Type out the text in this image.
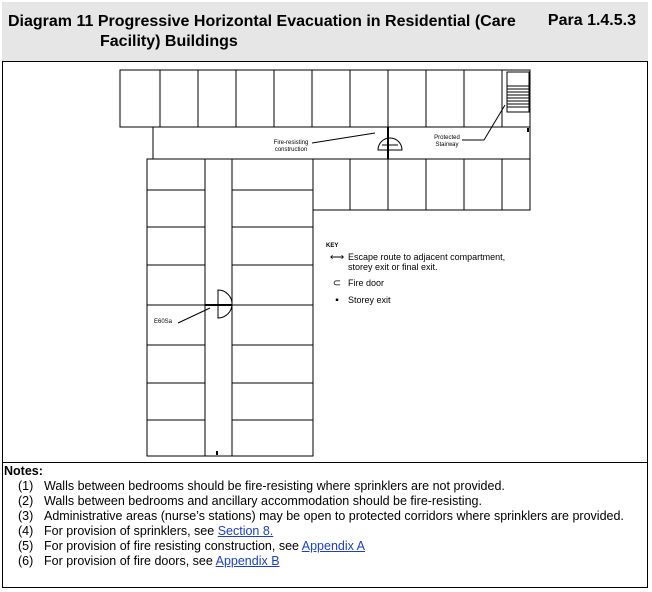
Diagram 11 Progressive Horizontal Evacuation in Residential (Care
Facility) Buildings
Para 1.4.5.3
Fire-resisting construction
Protected Stairway
E60Sa
KEY
⟷ Escape route to adjacent compartment, storey exit or final exit.
⊂ Fire door
▪	Storey exit
Notes:
(1) Walls between bedrooms should be fire-resisting where sprinklers are not provided.
(2) Walls between bedrooms and ancillary accommodation should be fire-resisting.
(3) Administrative areas (nurse’s stations) may be open to protected corridors where sprinklers are provided.
(4) For provision of sprinklers, see Section 8.
(5) For provision of fire resisting construction, see Appendix A
(6) For provision of fire doors, see Appendix B
